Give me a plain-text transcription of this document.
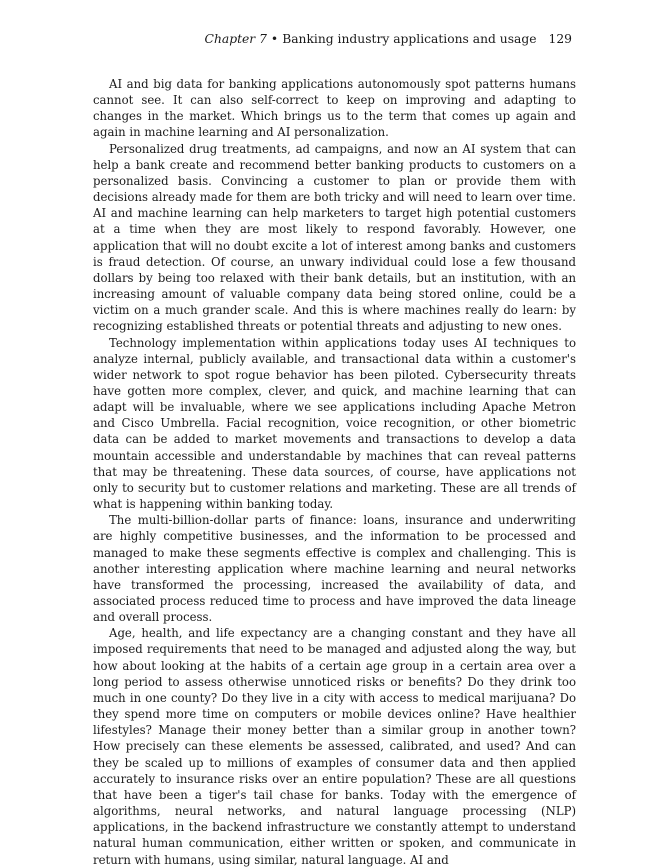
Chapter 7 • Banking industry applications and usage 129

AI and big data for banking applications autonomously spot patterns humans cannot see. It can also self-correct to keep on improving and adapting to changes in the market. Which brings us to the term that comes up again and again in machine learning and AI personalization.

Personalized drug treatments, ad campaigns, and now an AI system that can help a bank create and recommend better banking products to customers on a personalized basis. Convincing a customer to plan or provide them with decisions already made for them are both tricky and will need to learn over time. AI and machine learning can help marketers to target high potential customers at a time when they are most likely to respond favorably. However, one application that will no doubt excite a lot of interest among banks and customers is fraud detection. Of course, an unwary individual could lose a few thousand dollars by being too relaxed with their bank details, but an institution, with an increasing amount of valuable company data being stored online, could be a victim on a much grander scale. And this is where machines really do learn: by recognizing established threats or potential threats and adjusting to new ones.

Technology implementation within applications today uses AI techniques to analyze internal, publicly available, and transactional data within a customer's wider network to spot rogue behavior has been piloted. Cybersecurity threats have gotten more complex, clever, and quick, and machine learning that can adapt will be invaluable, where we see applications including Apache Metron and Cisco Umbrella. Facial recognition, voice recognition, or other biometric data can be added to market movements and transactions to develop a data mountain accessible and understandable by machines that can reveal patterns that may be threatening. These data sources, of course, have applications not only to security but to customer relations and marketing. These are all trends of what is happening within banking today.

The multi-billion-dollar parts of finance: loans, insurance and underwriting are highly competitive businesses, and the information to be processed and managed to make these segments effective is complex and challenging. This is another interesting application where machine learning and neural networks have transformed the processing, increased the availability of data, and associated process reduced time to process and have improved the data lineage and overall process.

Age, health, and life expectancy are a changing constant and they have all imposed requirements that need to be managed and adjusted along the way, but how about looking at the habits of a certain age group in a certain area over a long period to assess otherwise unnoticed risks or benefits? Do they drink too much in one county? Do they live in a city with access to medical marijuana? Do they spend more time on computers or mobile devices online? Have healthier lifestyles? Manage their money better than a similar group in another town? How precisely can these elements be assessed, calibrated, and used? And can they be scaled up to millions of examples of consumer data and then applied accurately to insurance risks over an entire population? These are all questions that have been a tiger's tail chase for banks. Today with the emergence of algorithms, neural networks, and natural language processing (NLP) applications, in the backend infrastructure we constantly attempt to understand natural human communication, either written or spoken, and communicate in return with humans, using similar, natural language. AI and
